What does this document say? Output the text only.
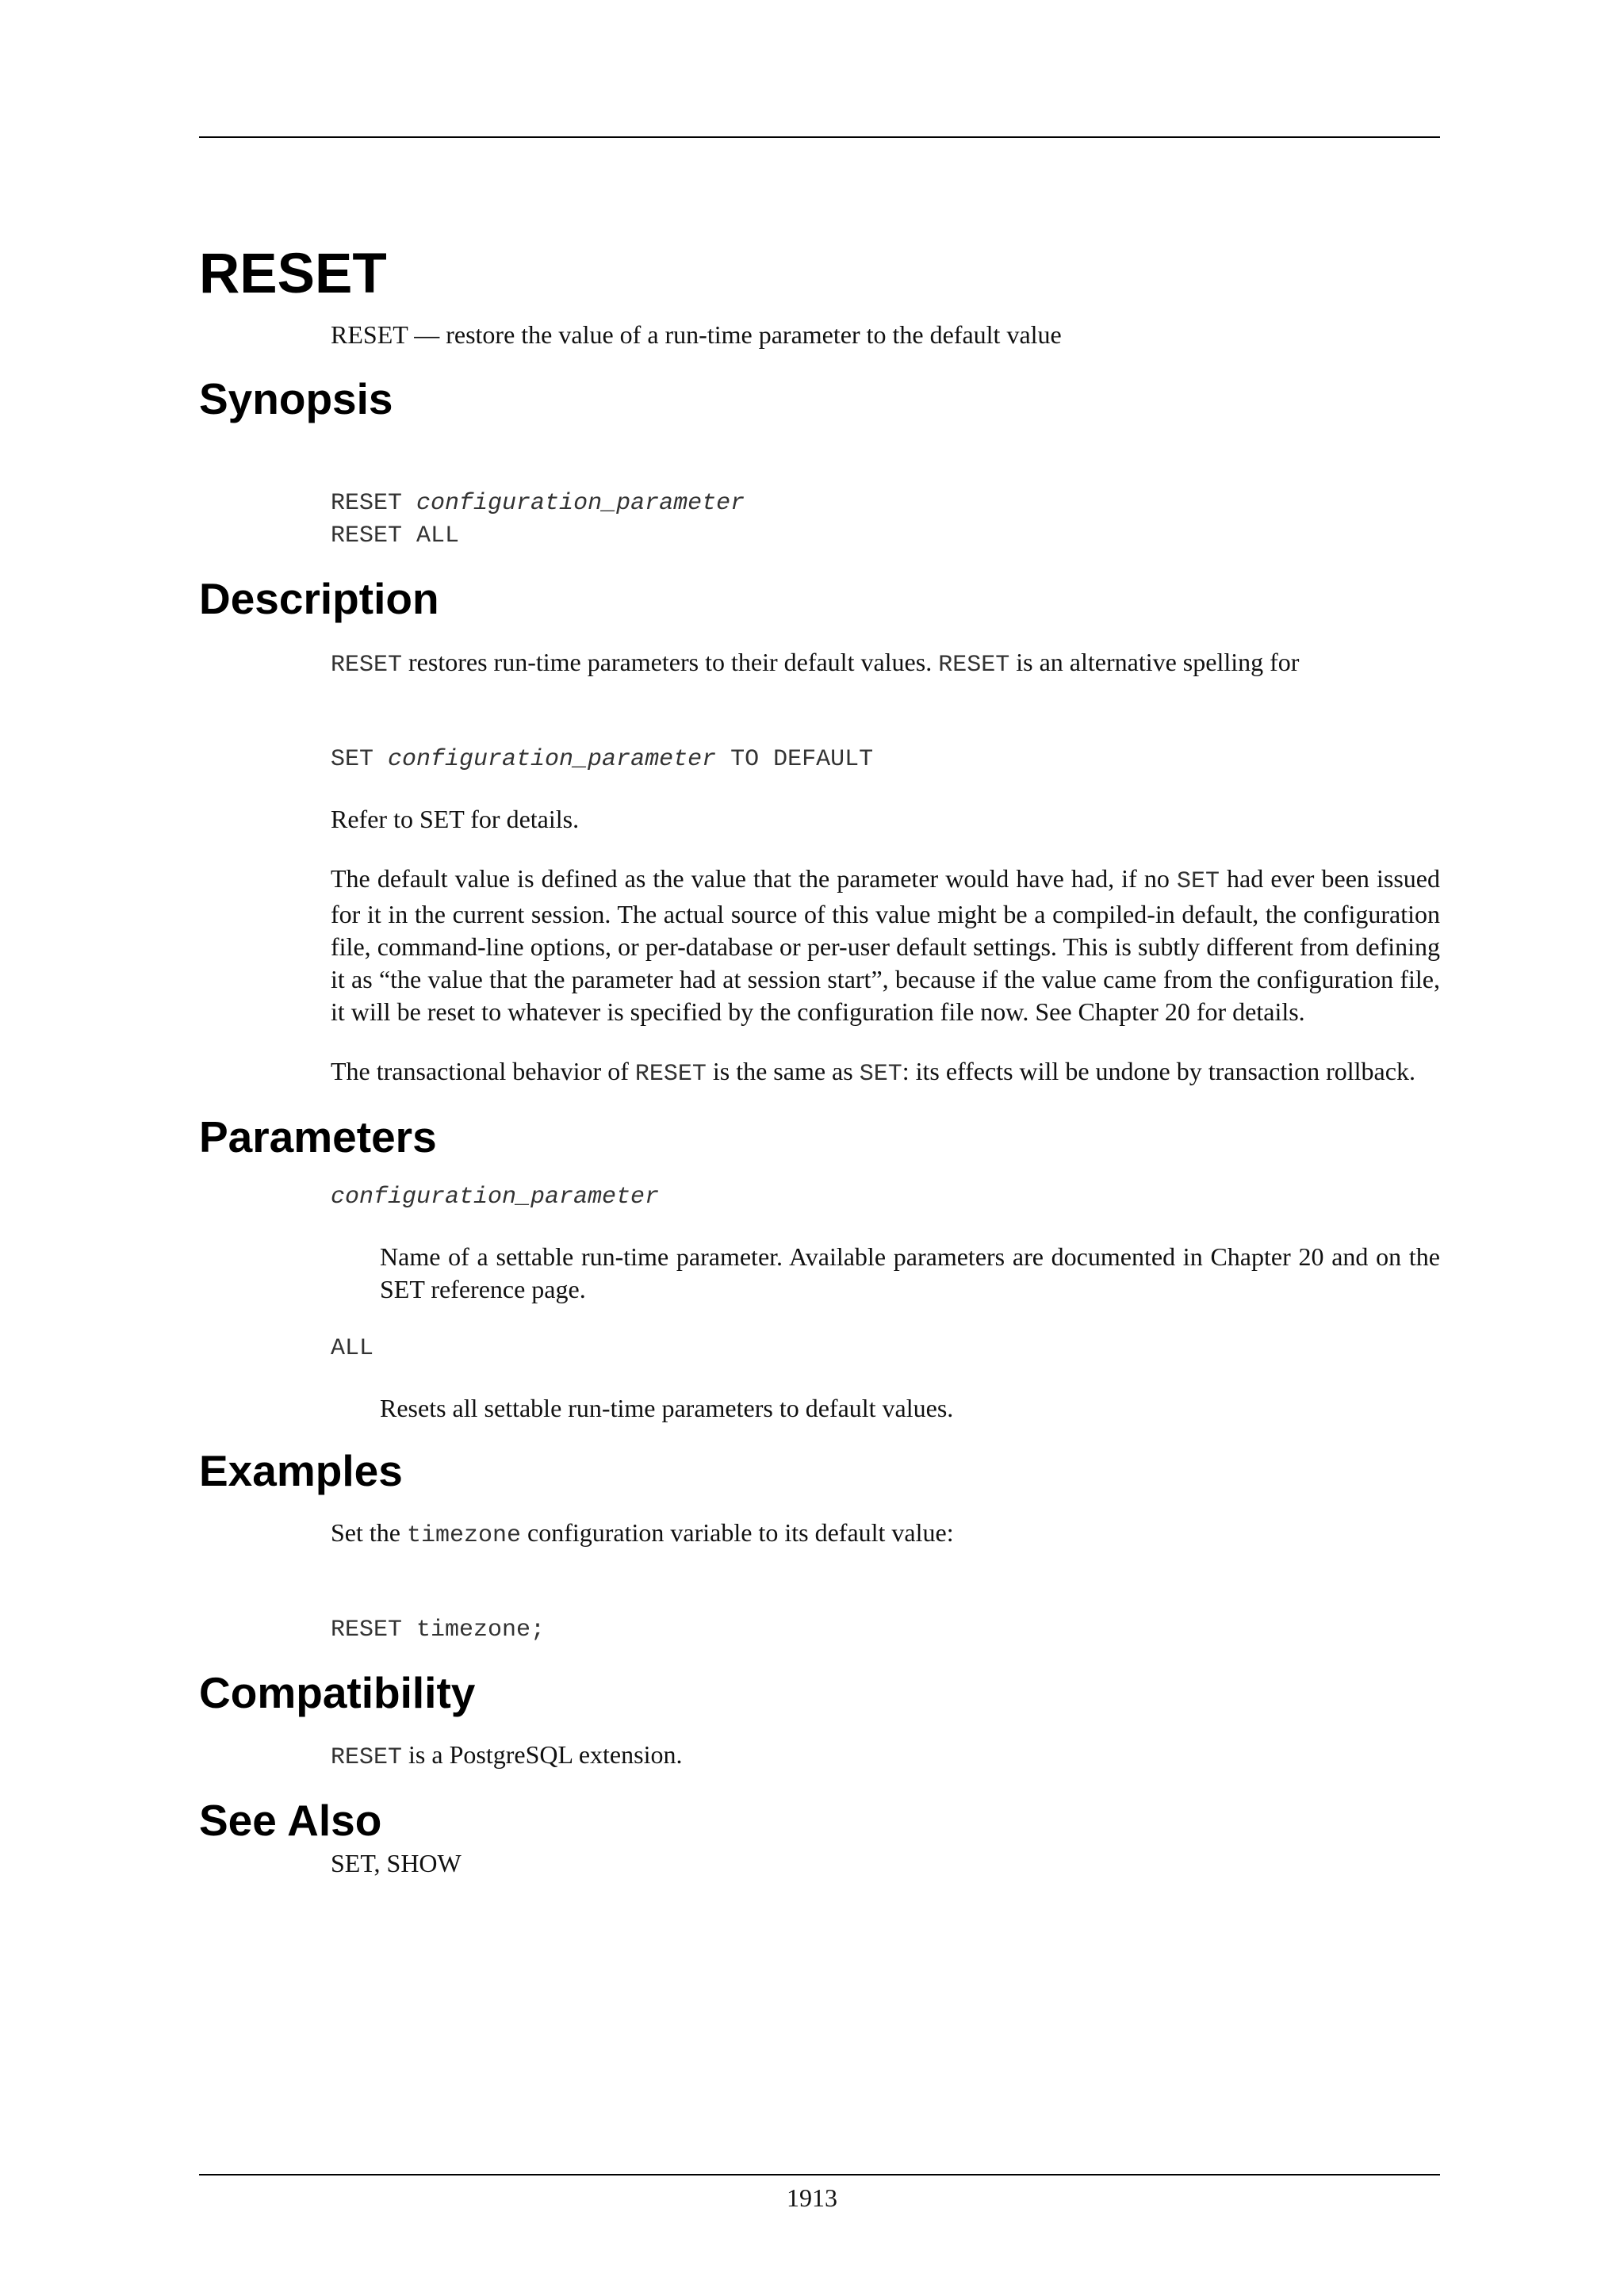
RESET

RESET — restore the value of a run-time parameter to the default value

Synopsis
RESET configuration_parameter
RESET ALL
Description

RESET restores run-time parameters to their default values. RESET is an alternative spelling for

SET configuration_parameter TO DEFAULT

Refer to SET for details.

The default value is defined as the value that the parameter would have had, if no SET had ever been issued for it in the current session. The actual source of this value might be a compiled-in default, the configuration file, command-line options, or per-database or per-user default settings. This is subtly different from defining it as “the value that the parameter had at session start”, because if the value came from the configuration file, it will be reset to whatever is specified by the configuration file now. See Chapter 20 for details.

The transactional behavior of RESET is the same as SET: its effects will be undone by transaction rollback.

Parameters
configuration_parameter

Name of a settable run-time parameter. Available parameters are documented in Chapter 20 and on the SET reference page.

ALL

Resets all settable run-time parameters to default values.

Examples

Set the timezone configuration variable to its default value:

RESET timezone;
Compatibility

RESET is a PostgreSQL extension.

See Also

SET, SHOW

1913
